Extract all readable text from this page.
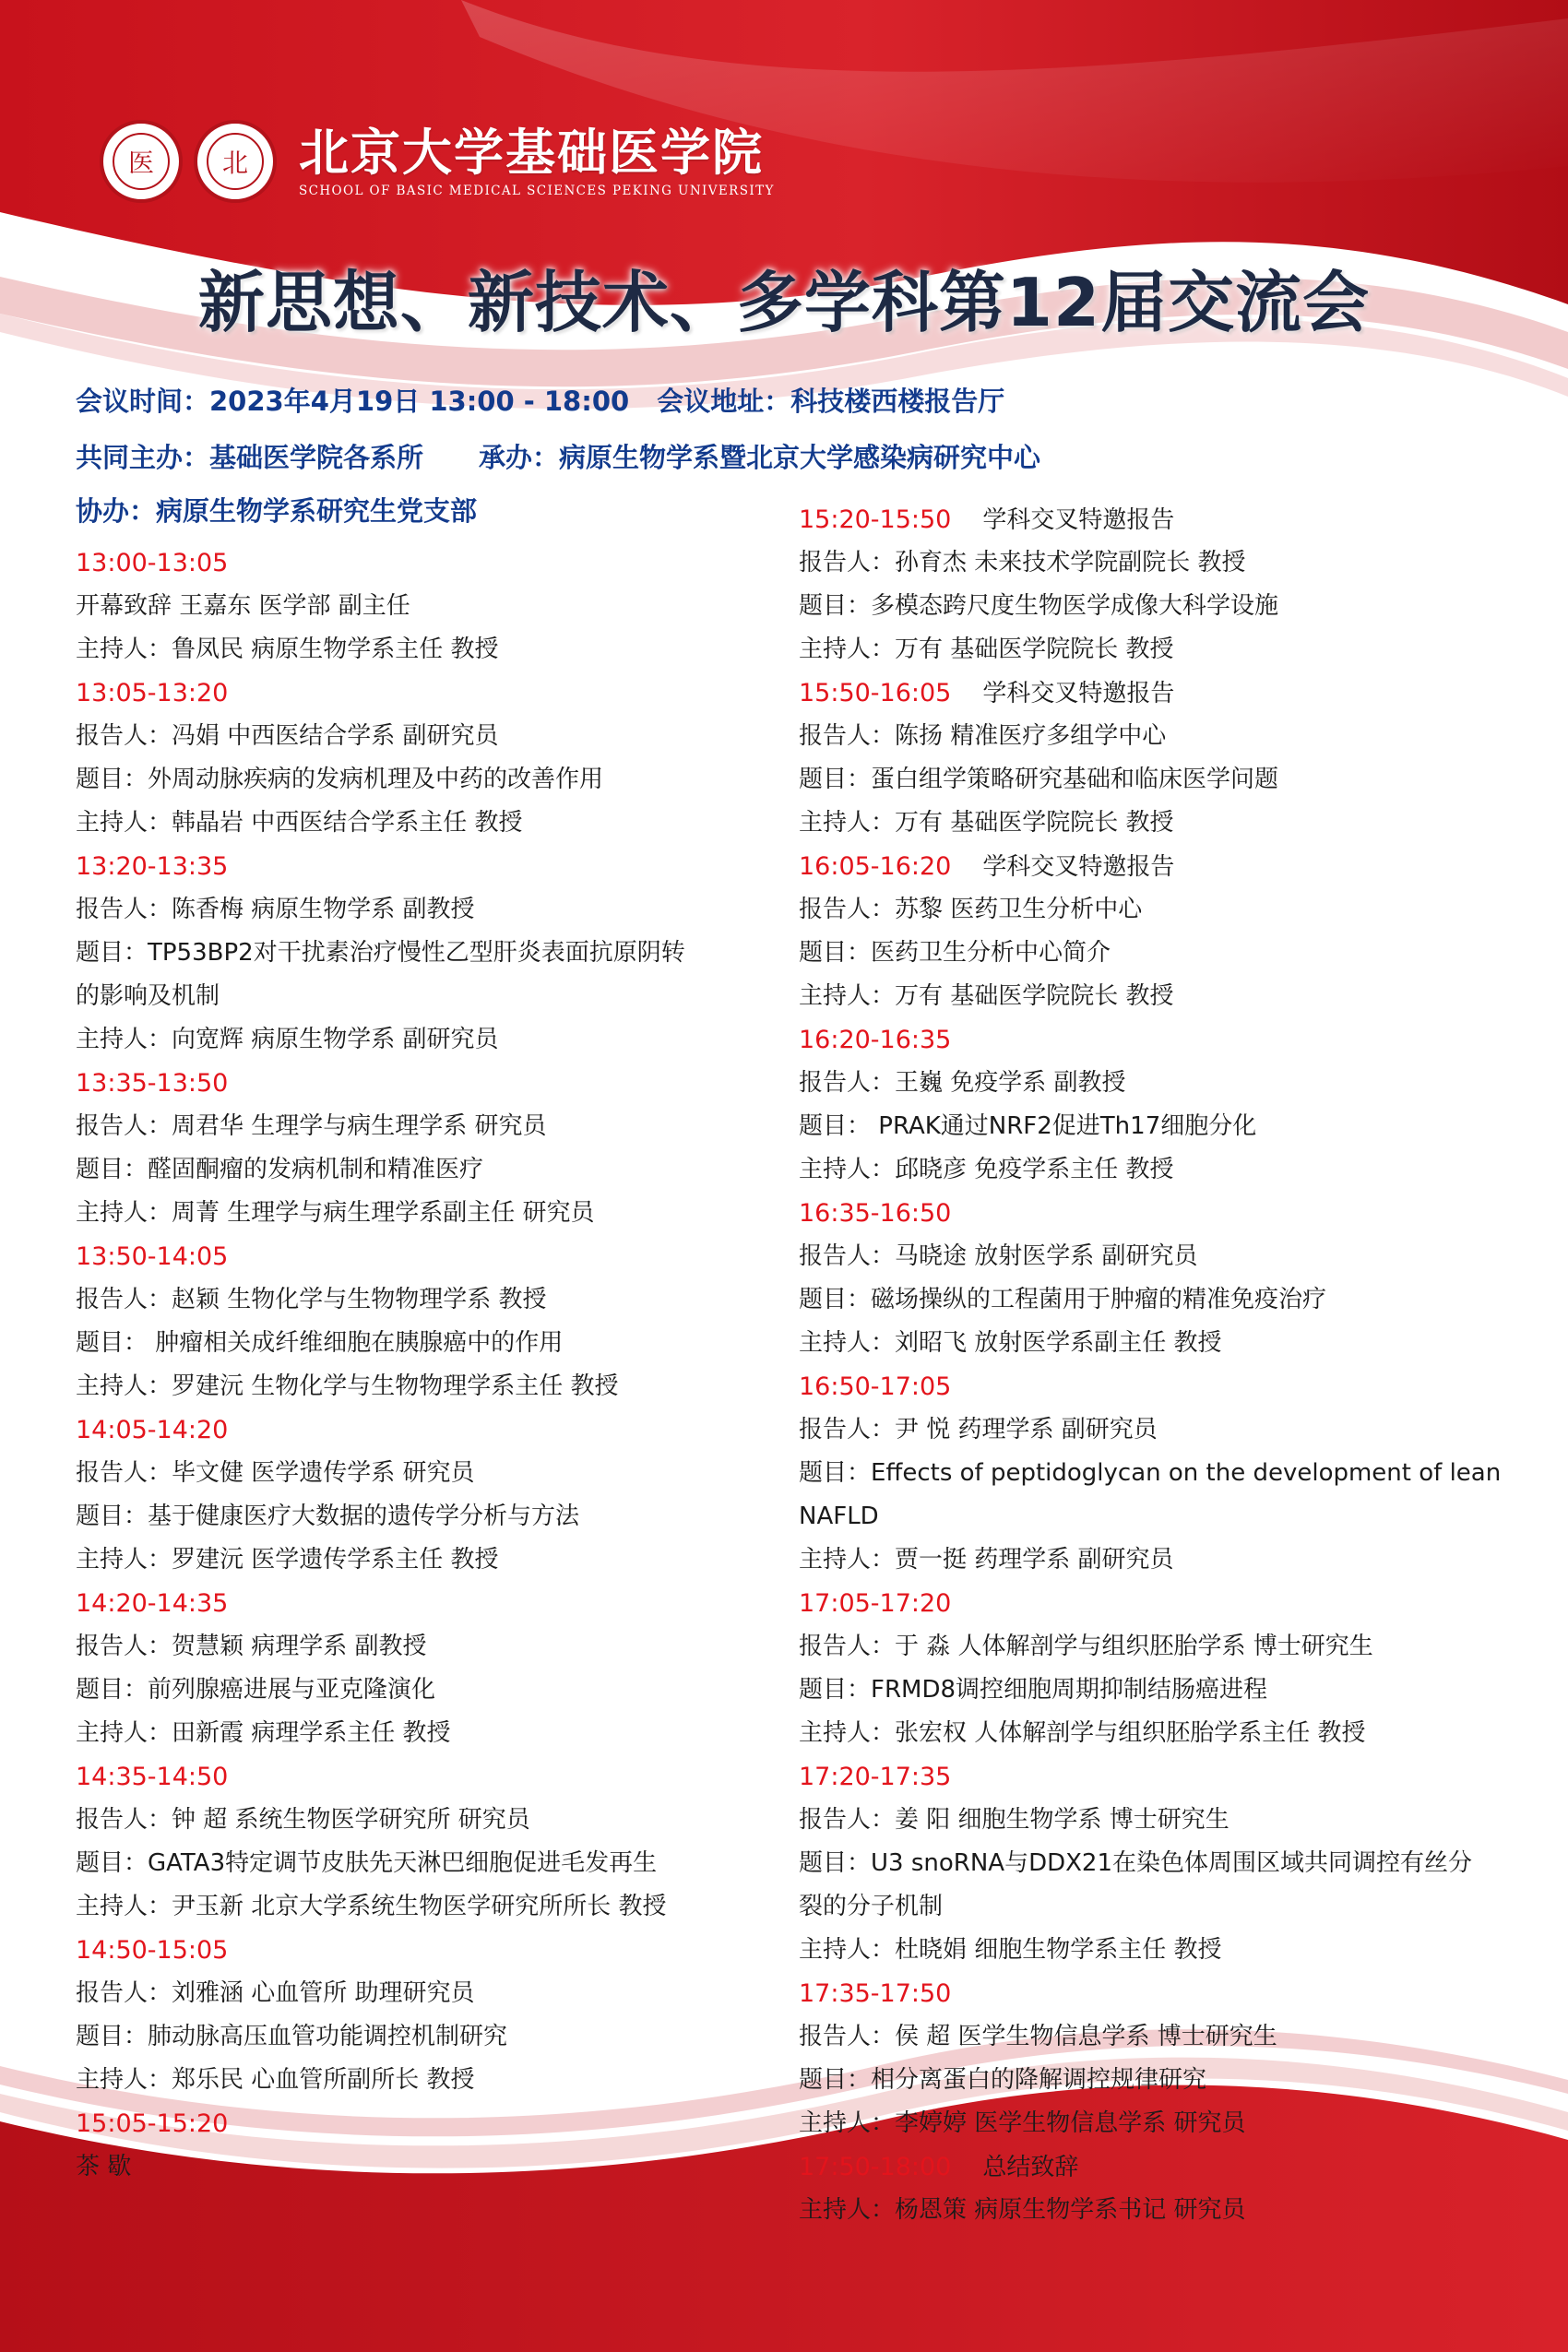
医	北	北京大学基础医学院
SCHOOL OF BASIC MEDICAL SCIENCES PEKING UNIVERSITY
新思想、新技术、多学科第12届交流会
会议时间：2023年4月19日 13:00 - 18:00 会议地址：科技楼西楼报告厅
共同主办：基础医学院各系所 承办：病原生物学系暨北京大学感染病研究中心
协办：病原生物学系研究生党支部
13:00-13:05
开幕致辞 王嘉东 医学部 副主任
主持人：鲁凤民 病原生物学系主任 教授
13:05-13:20
报告人：冯娟 中西医结合学系 副研究员
题目：外周动脉疾病的发病机理及中药的改善作用
主持人：韩晶岩 中西医结合学系主任 教授
13:20-13:35
报告人：陈香梅 病原生物学系 副教授
题目：TP53BP2对干扰素治疗慢性乙型肝炎表面抗原阴转
的影响及机制
主持人：向宽辉 病原生物学系 副研究员
13:35-13:50
报告人：周君华 生理学与病生理学系 研究员
题目：醛固酮瘤的发病机制和精准医疗
主持人：周菁 生理学与病生理学系副主任 研究员
13:50-14:05
报告人：赵颖 生物化学与生物物理学系 教授
题目： 肿瘤相关成纤维细胞在胰腺癌中的作用
主持人：罗建沅 生物化学与生物物理学系主任 教授
14:05-14:20
报告人：毕文健 医学遗传学系 研究员
题目：基于健康医疗大数据的遗传学分析与方法
主持人：罗建沅 医学遗传学系主任 教授
14:20-14:35
报告人：贺慧颖 病理学系 副教授
题目：前列腺癌进展与亚克隆演化
主持人：田新霞 病理学系主任 教授
14:35-14:50
报告人：钟 超 系统生物医学研究所 研究员
题目：GATA3特定调节皮肤先天淋巴细胞促进毛发再生
主持人：尹玉新 北京大学系统生物医学研究所所长 教授
14:50-15:05
报告人：刘雅涵 心血管所 助理研究员
题目：肺动脉高压血管功能调控机制研究
主持人：郑乐民 心血管所副所长 教授
15:05-15:20
茶 歇
15:20-15:50 学科交叉特邀报告
报告人：孙育杰 未来技术学院副院长 教授
题目：多模态跨尺度生物医学成像大科学设施
主持人：万有 基础医学院院长 教授
15:50-16:05 学科交叉特邀报告
报告人：陈扬 精准医疗多组学中心
题目：蛋白组学策略研究基础和临床医学问题
主持人：万有 基础医学院院长 教授
16:05-16:20 学科交叉特邀报告
报告人：苏黎 医药卫生分析中心
题目：医药卫生分析中心简介
主持人：万有 基础医学院院长 教授
16:20-16:35
报告人：王巍 免疫学系 副教授
题目： PRAK通过NRF2促进Th17细胞分化
主持人：邱晓彦 免疫学系主任 教授
16:35-16:50
报告人：马晓途 放射医学系 副研究员
题目：磁场操纵的工程菌用于肿瘤的精准免疫治疗
主持人：刘昭飞 放射医学系副主任 教授
16:50-17:05
报告人：尹 悦 药理学系 副研究员
题目：Effects of peptidoglycan on the development of lean
NAFLD
主持人：贾一挺 药理学系 副研究员
17:05-17:20
报告人：于 淼 人体解剖学与组织胚胎学系 博士研究生
题目：FRMD8调控细胞周期抑制结肠癌进程
主持人：张宏权 人体解剖学与组织胚胎学系主任 教授
17:20-17:35
报告人：姜 阳 细胞生物学系 博士研究生
题目：U3 snoRNA与DDX21在染色体周围区域共同调控有丝分
裂的分子机制
主持人：杜晓娟 细胞生物学系主任 教授
17:35-17:50
报告人：侯 超 医学生物信息学系 博士研究生
题目：相分离蛋白的降解调控规律研究
主持人：李婷婷 医学生物信息学系 研究员
17:50-18:00 总结致辞
主持人：杨恩策 病原生物学系书记 研究员
